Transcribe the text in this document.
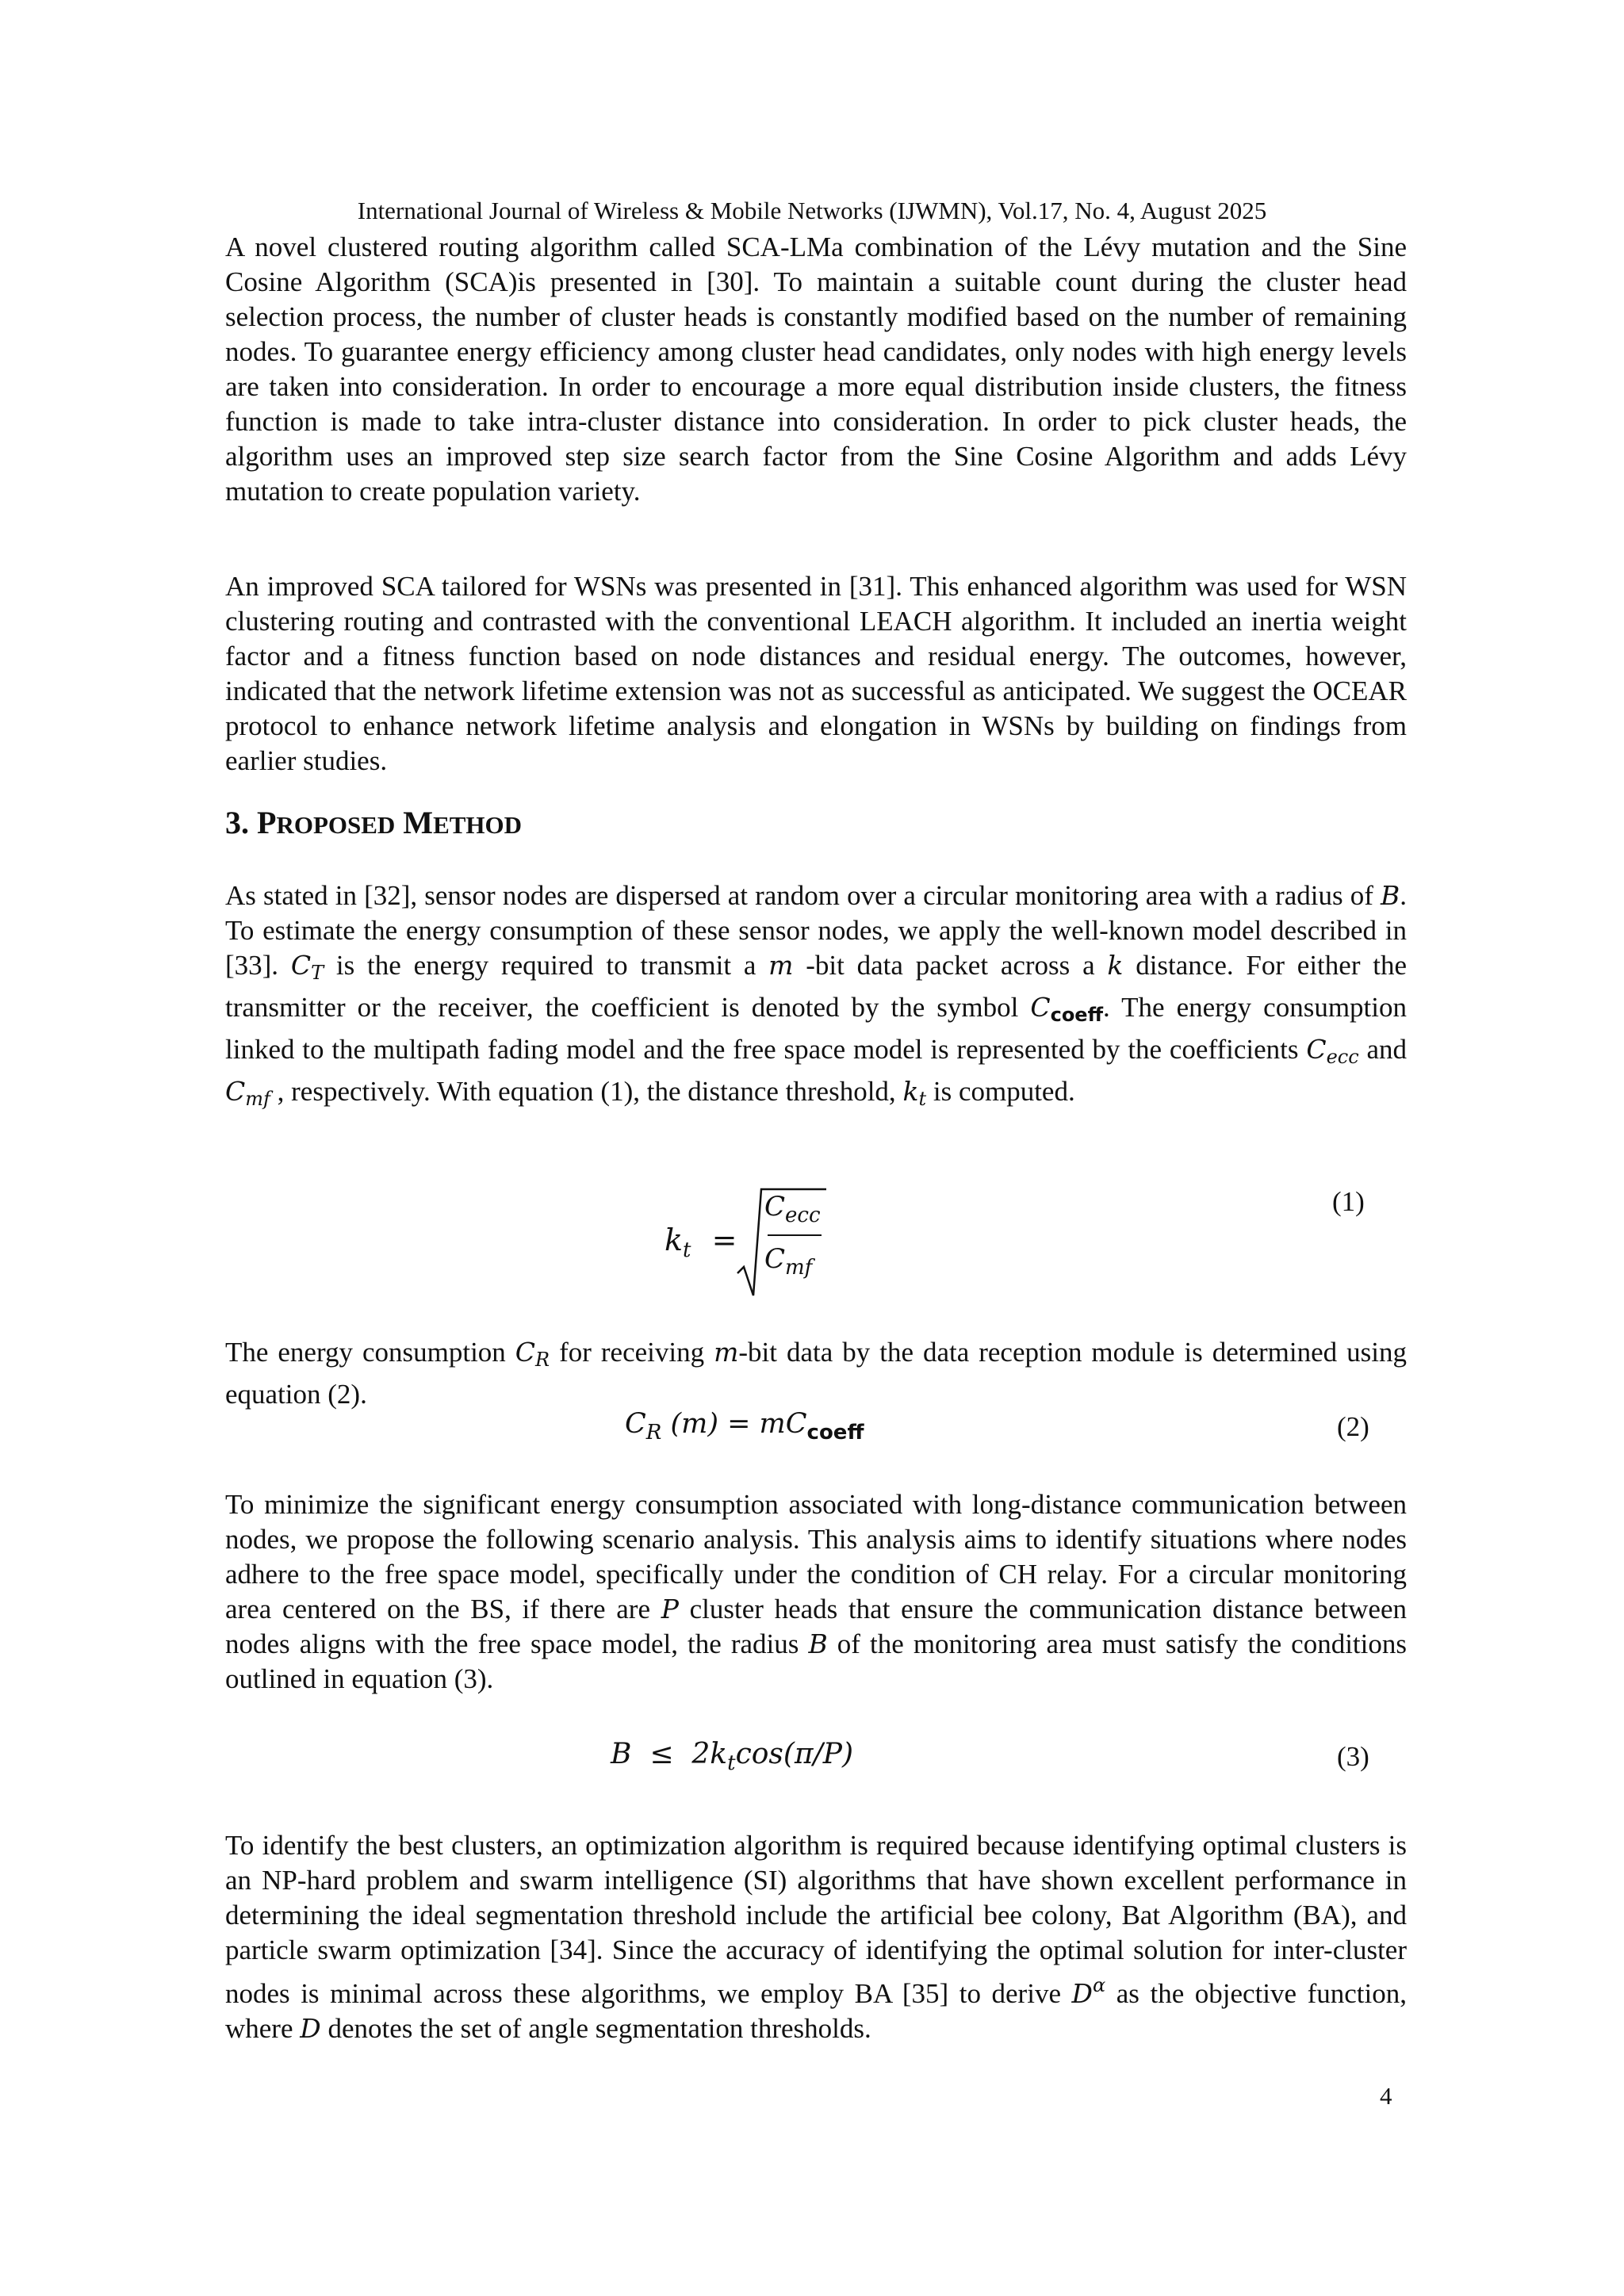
International Journal of Wireless & Mobile Networks (IJWMN), Vol.17, No. 4, August 2025

A novel clustered routing algorithm called SCA-LMa combination of the Lévy mutation and the Sine Cosine Algorithm (SCA)is presented in [30]. To maintain a suitable count during the cluster head selection process, the number of cluster heads is constantly modified based on the number of remaining nodes. To guarantee energy efficiency among cluster head candidates, only nodes with high energy levels are taken into consideration. In order to encourage a more equal distribution inside clusters, the fitness function is made to take intra-cluster distance into consideration. In order to pick cluster heads, the algorithm uses an improved step size search factor from the Sine Cosine Algorithm and adds Lévy mutation to create population variety.

An improved SCA tailored for WSNs was presented in [31]. This enhanced algorithm was used for WSN clustering routing and contrasted with the conventional LEACH algorithm. It included an inertia weight factor and a fitness function based on node distances and residual energy. The outcomes, however, indicated that the network lifetime extension was not as successful as anticipated. We suggest the OCEAR protocol to enhance network lifetime analysis and elongation in WSNs by building on findings from earlier studies.

3. PROPOSED METHOD

As stated in [32], sensor nodes are dispersed at random over a circular monitoring area with a radius of B. To estimate the energy consumption of these sensor nodes, we apply the well-known model described in [33]. $C_T$ is the energy required to transmit a m -bit data packet across a k distance. For either the transmitter or the receiver, the coefficient is denoted by the symbol $C_{coeff}$. The energy consumption linked to the multipath fading model and the free space model is represented by the coefficients $C_{ecc}$ and $C_{mf}$ , respectively. With equation (1), the distance threshold, $k_t$ is computed.

$k_t$ =
$C_{ecc}$
$C_{mf}$
(1)

The energy consumption $C_R$ for receiving m-bit data by the data reception module is determined using equation (2).

$C_R$ $(m) = mC_{coeff}$	(2)

To minimize the significant energy consumption associated with long-distance communication between nodes, we propose the following scenario analysis. This analysis aims to identify situations where nodes adhere to the free space model, specifically under the condition of CH relay. For a circular monitoring area centered on the BS, if there are P cluster heads that ensure the communication distance between nodes aligns with the free space model, the radius B of the monitoring area must satisfy the conditions outlined in equation (3).

$B \le 2k_t\cos(\pi/P)$	(3)

To identify the best clusters, an optimization algorithm is required because identifying optimal clusters is an NP-hard problem and swarm intelligence (SI) algorithms that have shown excellent performance in determining the ideal segmentation threshold include the artificial bee colony, Bat Algorithm (BA), and particle swarm optimization [34]. Since the accuracy of identifying the optimal solution for inter-cluster nodes is minimal across these algorithms, we employ BA [35] to derive $D^\alpha$ as the objective function, where D denotes the set of angle segmentation thresholds.

4
